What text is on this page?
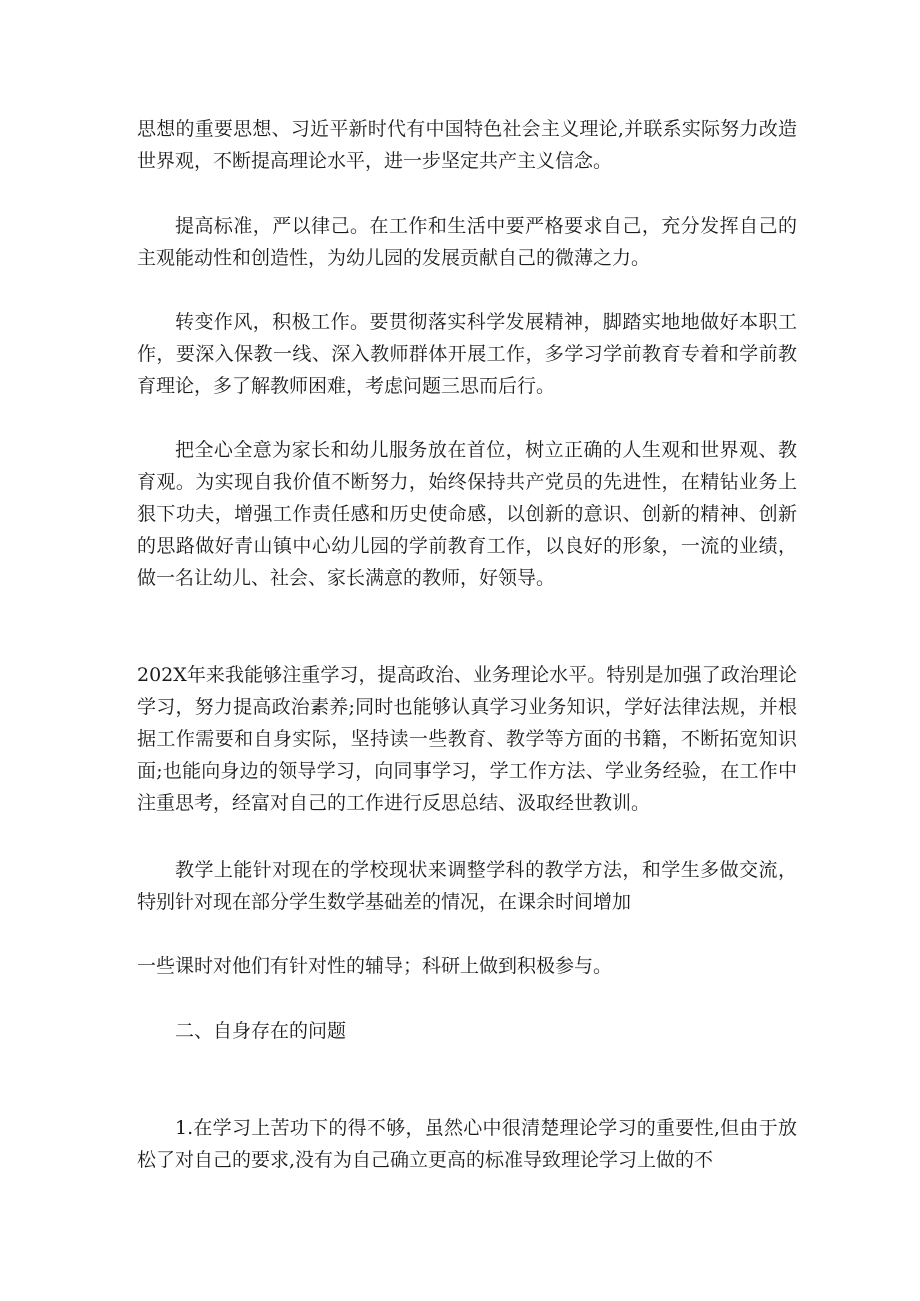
思想的重要思想、习近平新时代有中国特色社会主义理论,并联系实际努力改造世界观，不断提高理论水平，进一步坚定共产主义信念。

提高标准，严以律己。在工作和生活中要严格要求自己，充分发挥自己的主观能动性和创造性，为幼儿园的发展贡献自己的微薄之力。

转变作风，积极工作。要贯彻落实科学发展精神，脚踏实地地做好本职工作，要深入保教一线、深入教师群体开展工作，多学习学前教育专着和学前教育理论，多了解教师困难，考虑问题三思而后行。

把全心全意为家长和幼儿服务放在首位，树立正确的人生观和世界观、教育观。为实现自我价值不断努力，始终保持共产党员的先进性，在精钻业务上狠下功夫，增强工作责任感和历史使命感，以创新的意识、创新的精神、创新的思路做好青山镇中心幼儿园的学前教育工作，以良好的形象，一流的业绩，做一名让幼儿、社会、家长满意的教师，好领导。

202X年来我能够注重学习，提高政治、业务理论水平。特别是加强了政治理论学习，努力提高政治素养;同时也能够认真学习业务知识，学好法律法规，并根据工作需要和自身实际，坚持读一些教育、教学等方面的书籍，不断拓宽知识面;也能向身边的领导学习，向同事学习，学工作方法、学业务经验，在工作中注重思考，经富对自己的工作进行反思总结、汲取经世教训。

教学上能针对现在的学校现状来调整学科的教学方法，和学生多做交流，特别针对现在部分学生数学基础差的情况，在课余时间增加

一些课时对他们有针对性的辅导；科研上做到积极参与。

二、自身存在的问题

1.在学习上苦功下的得不够，虽然心中很清楚理论学习的重要性,但由于放松了对自己的要求,没有为自己确立更高的标准导致理论学习上做的不
